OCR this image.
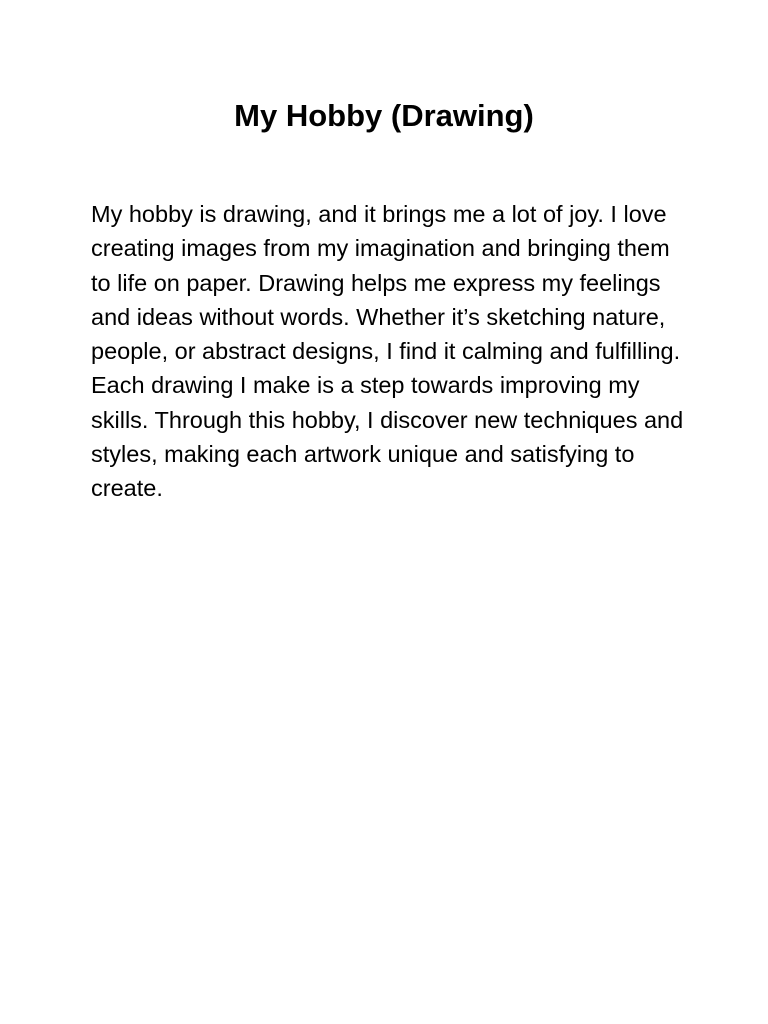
My Hobby (Drawing)
My hobby is drawing, and it brings me a lot of joy. I love
creating images from my imagination and bringing them
to life on paper. Drawing helps me express my feelings
and ideas without words. Whether it’s sketching nature,
people, or abstract designs, I find it calming and fulfilling.
Each drawing I make is a step towards improving my
skills. Through this hobby, I discover new techniques and
styles, making each artwork unique and satisfying to
create.
